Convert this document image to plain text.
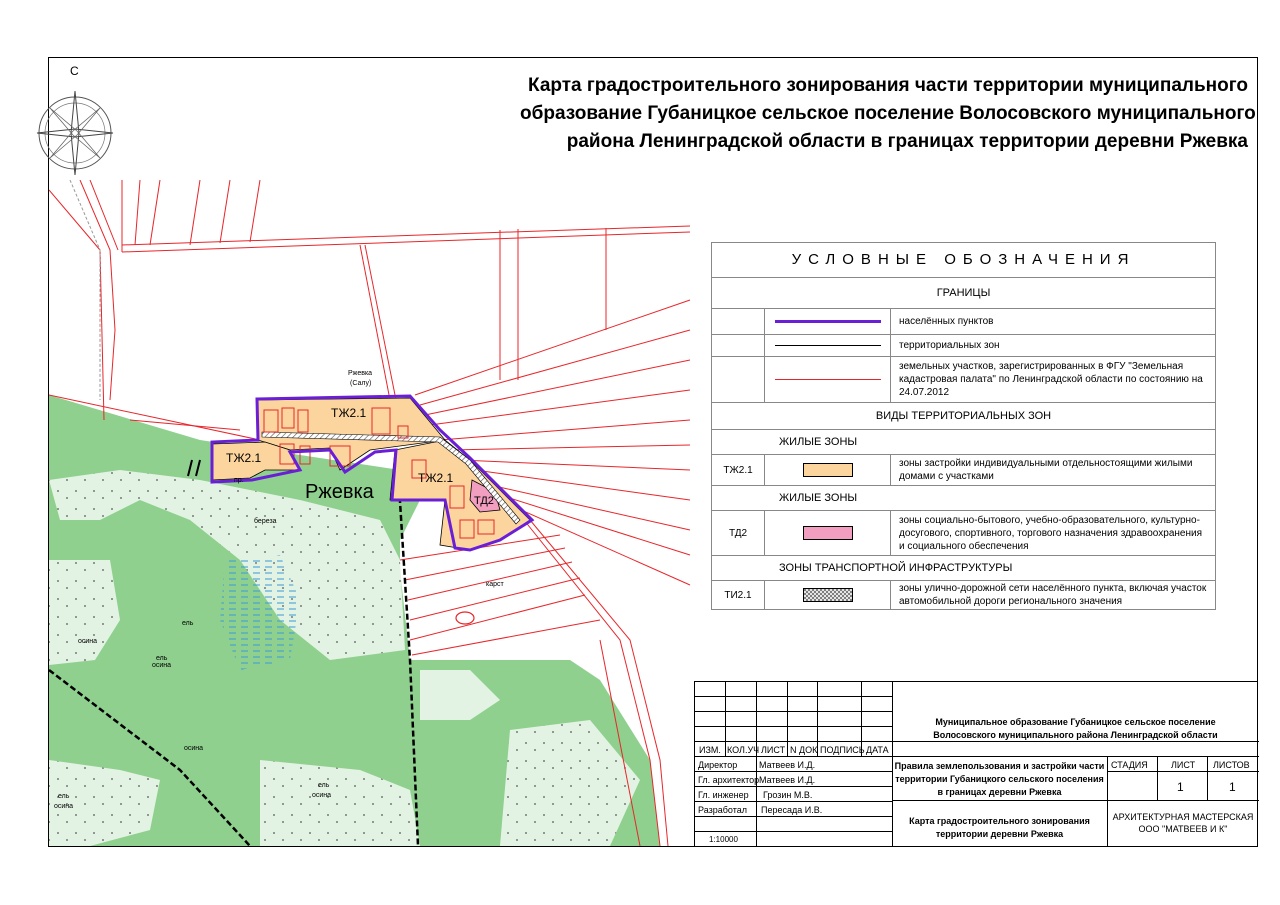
С
Карта градостроительного зонирования части территории муниципального
образование Губаницкое сельское поселение Волосовского муниципального
района Ленинградской области в границах территории деревни Ржевка
ТЖ2.1
ТЖ2.1
ТЖ2.1
ТД2
Ржевка
Ржевка
(Салу)
береза
ель
осина
ель
осина
осина
ель
осина
ель
осина
карст
пр.
УСЛОВНЫЕ ОБОЗНАЧЕНИЯ
ГРАНИЦЫ
населённых пунктов
территориальных зон
земельных участков, зарегистрированных в ФГУ "Земельная кадастровая палата" по Ленинградской области по состоянию на 24.07.2012
ВИДЫ ТЕРРИТОРИАЛЬНЫХ ЗОН
ЖИЛЫЕ ЗОНЫ
ТЖ2.1
зоны застройки индивидуальными отдельностоящими жилыми домами с участками
ЖИЛЫЕ ЗОНЫ
ТД2
зоны социально-бытового, учебно-образовательного, культурно-досугового, спортивного, торгового назначения здравоохранения и социального обеспечения
ЗОНЫ ТРАНСПОРТНОЙ ИНФРАСТРУКТУРЫ
ТИ2.1
зоны улично-дорожной сети населённого пункта, включая участок автомобильной дороги регионального значения
ИЗМ. КОЛ.УЧ ЛИСТ N ДОК ПОДПИСЬ ДАТА
Директор Матвеев И.Д.
Гл. архитектор Матвеев И.Д.
Гл. инженер Грозин М.В.
Разработал Пересада И.В.
1:10000
Муниципальное образование Губаницкое сельское поселение
Волосовского муниципального района Ленинградской области
Правила землепользования и застройки части
территории Губаницкого сельского поселения
в границах деревни Ржевка
СТАДИЯ	ЛИСТ ЛИСТОВ
1	1
Карта градостроительного зонирования
территории деревни Ржевка
АРХИТЕКТУРНАЯ МАСТЕРСКАЯ
ООО "МАТВЕЕВ И К"
